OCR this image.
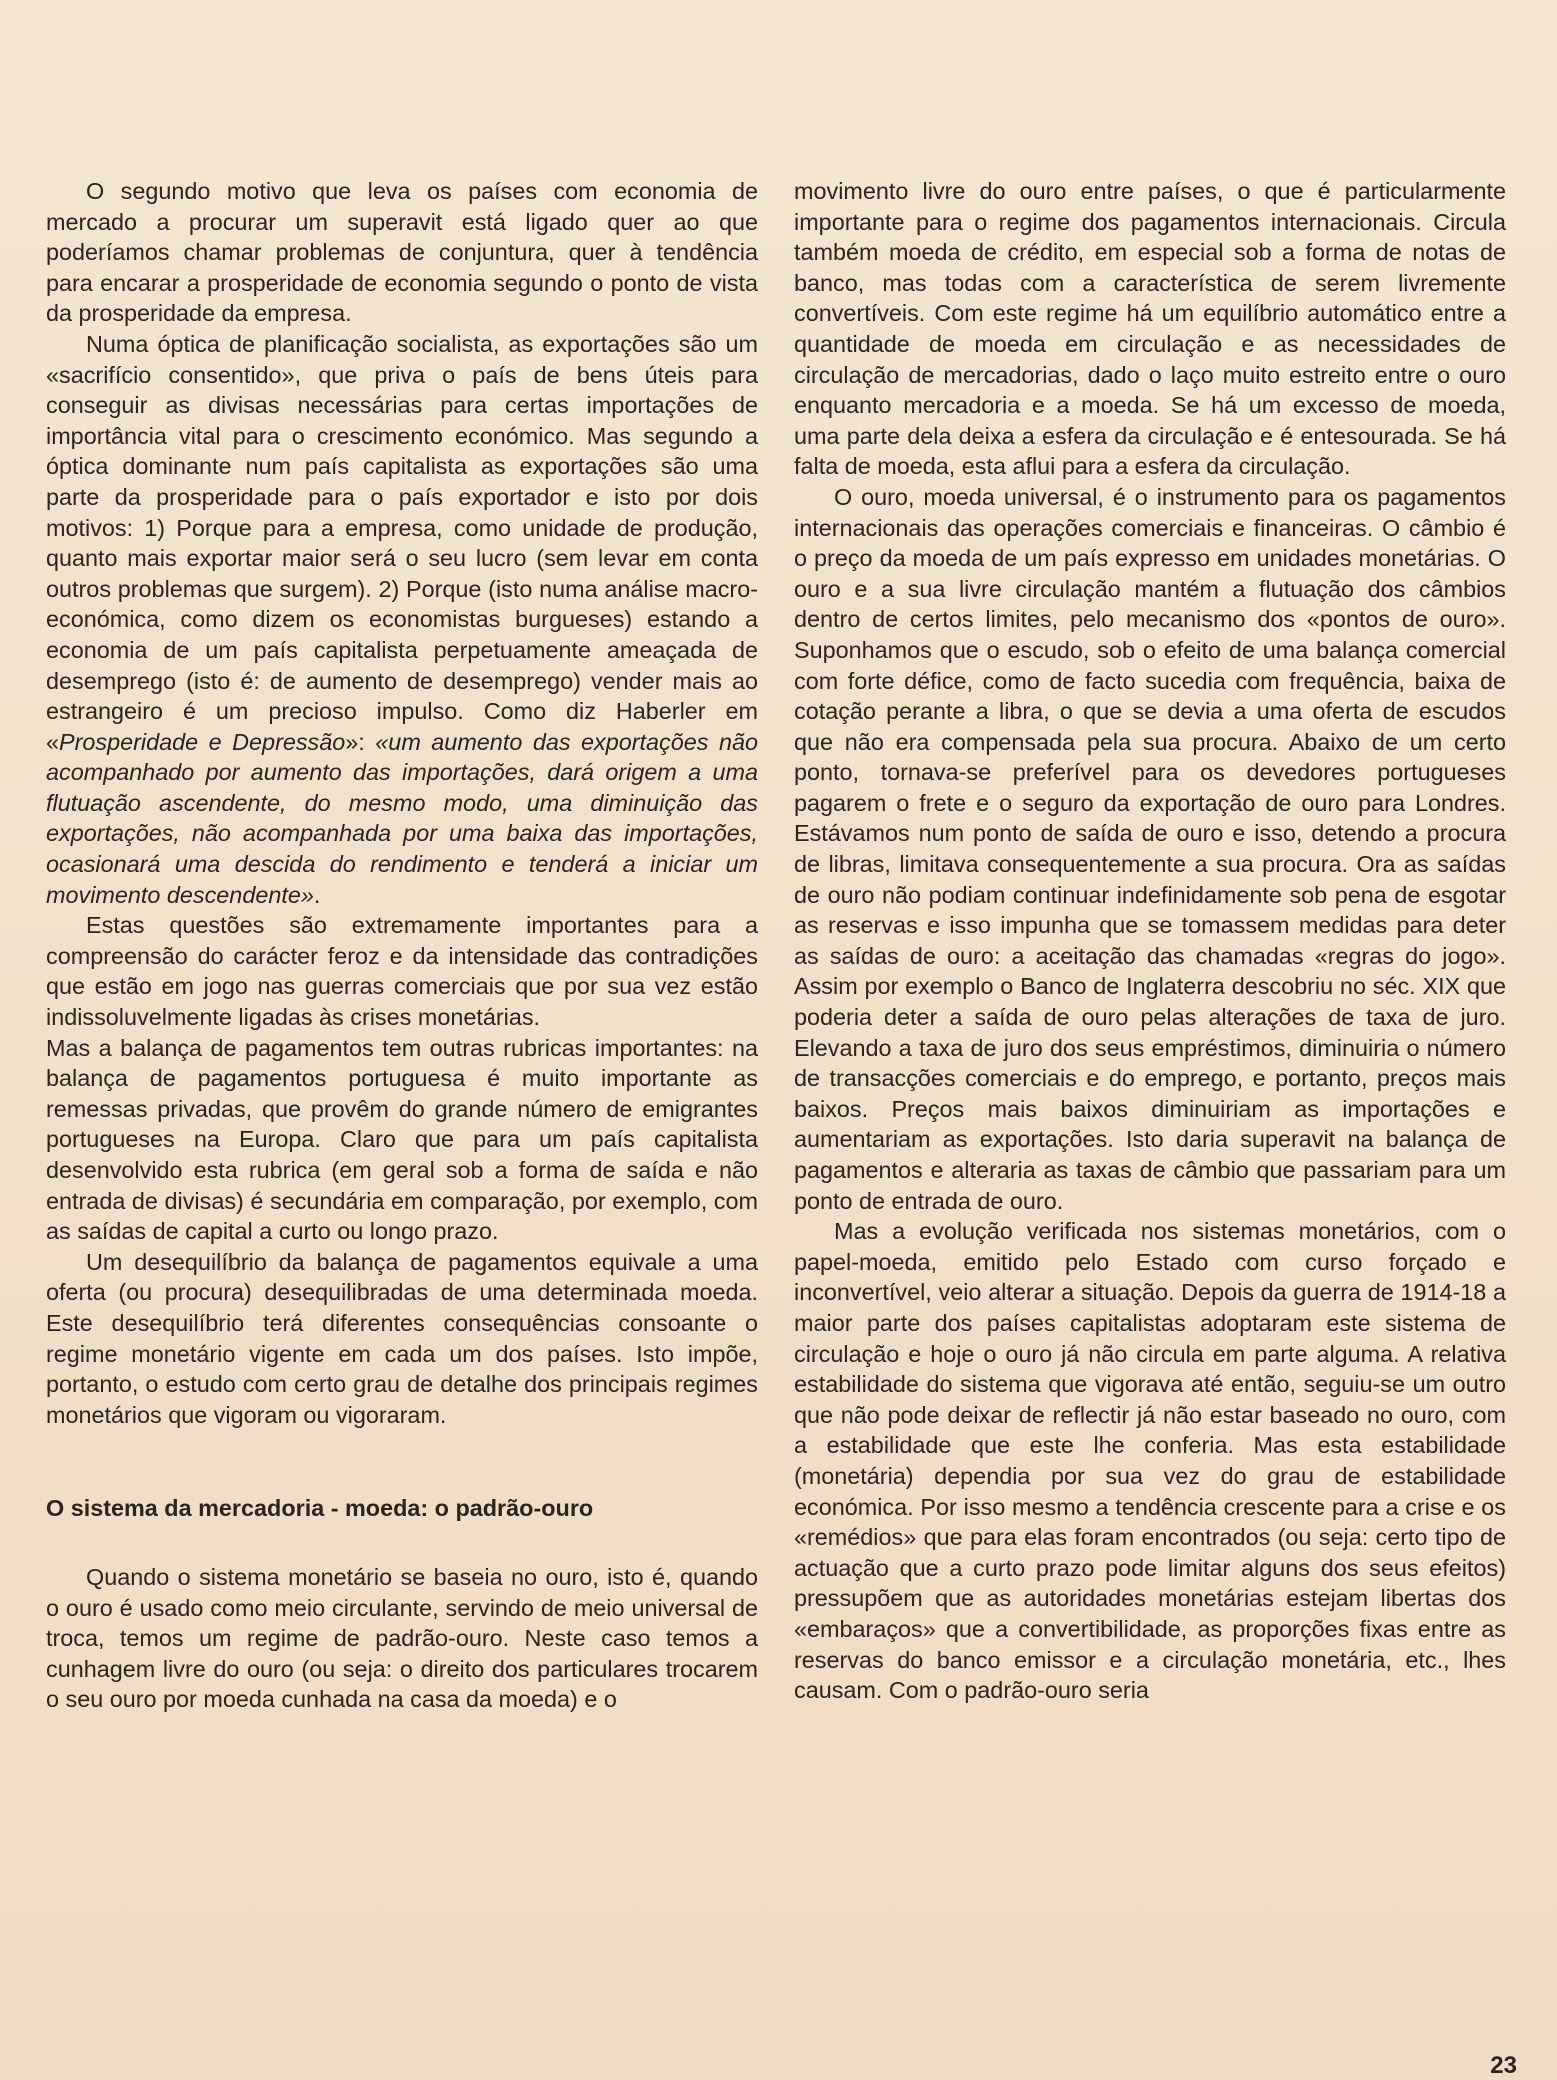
O segundo motivo que leva os países com economia de mercado a procurar um superavit está ligado quer ao que poderíamos chamar problemas de conjuntura, quer à tendência para encarar a prosperidade de economia segundo o ponto de vista da prosperidade da empresa.

Numa óptica de planificação socialista, as exportações são um «sacrifício consentido», que priva o país de bens úteis para conseguir as divisas necessárias para certas importações de importância vital para o crescimento económico. Mas segundo a óptica dominante num país capitalista as exportações são uma parte da prosperidade para o país exportador e isto por dois motivos: 1) Porque para a empresa, como unidade de produção, quanto mais exportar maior será o seu lucro (sem levar em conta outros problemas que surgem). 2) Porque (isto numa análise macro-económica, como dizem os economistas burgueses) estando a economia de um país capitalista perpetuamente ameaçada de desemprego (isto é: de aumento de desemprego) vender mais ao estrangeiro é um precioso impulso. Como diz Haberler em «Prosperidade e Depressão»: «um aumento das exportações não acompanhado por aumento das importações, dará origem a uma flutuação ascendente, do mesmo modo, uma diminuição das exportações, não acompanhada por uma baixa das importações, ocasionará uma descida do rendimento e tenderá a iniciar um movimento descendente».

Estas questões são extremamente importantes para a compreensão do carácter feroz e da intensidade das contradições que estão em jogo nas guerras comerciais que por sua vez estão indissoluvelmente ligadas às crises monetárias.

Mas a balança de pagamentos tem outras rubricas importantes: na balança de pagamentos portuguesa é muito importante as remessas privadas, que provêm do grande número de emigrantes portugueses na Europa. Claro que para um país capitalista desenvolvido esta rubrica (em geral sob a forma de saída e não entrada de divisas) é secundária em comparação, por exemplo, com as saídas de capital a curto ou longo prazo.

Um desequilíbrio da balança de pagamentos equivale a uma oferta (ou procura) desequilibradas de uma determinada moeda. Este desequilíbrio terá diferentes consequências consoante o regime monetário vigente em cada um dos países. Isto impõe, portanto, o estudo com certo grau de detalhe dos principais regimes monetários que vigoram ou vigoraram.

O sistema da mercadoria - moeda: o padrão-ouro

Quando o sistema monetário se baseia no ouro, isto é, quando o ouro é usado como meio circulante, servindo de meio universal de troca, temos um regime de padrão-ouro. Neste caso temos a cunhagem livre do ouro (ou seja: o direito dos particulares trocarem o seu ouro por moeda cunhada na casa da moeda) e o

movimento livre do ouro entre países, o que é particularmente importante para o regime dos pagamentos internacionais. Circula também moeda de crédito, em especial sob a forma de notas de banco, mas todas com a característica de serem livremente convertíveis. Com este regime há um equilíbrio automático entre a quantidade de moeda em circulação e as necessidades de circulação de mercadorias, dado o laço muito estreito entre o ouro enquanto mercadoria e a moeda. Se há um excesso de moeda, uma parte dela deixa a esfera da circulação e é entesourada. Se há falta de moeda, esta aflui para a esfera da circulação.

O ouro, moeda universal, é o instrumento para os pagamentos internacionais das operações comerciais e financeiras. O câmbio é o preço da moeda de um país expresso em unidades monetárias. O ouro e a sua livre circulação mantém a flutuação dos câmbios dentro de certos limites, pelo mecanismo dos «pontos de ouro». Suponhamos que o escudo, sob o efeito de uma balança comercial com forte défice, como de facto sucedia com frequência, baixa de cotação perante a libra, o que se devia a uma oferta de escudos que não era compensada pela sua procura. Abaixo de um certo ponto, tornava-se preferível para os devedores portugueses pagarem o frete e o seguro da exportação de ouro para Londres. Estávamos num ponto de saída de ouro e isso, detendo a procura de libras, limitava consequentemente a sua procura. Ora as saídas de ouro não podiam continuar indefinidamente sob pena de esgotar as reservas e isso impunha que se tomassem medidas para deter as saídas de ouro: a aceitação das chamadas «regras do jogo». Assim por exemplo o Banco de Inglaterra descobriu no séc. XIX que poderia deter a saída de ouro pelas alterações de taxa de juro. Elevando a taxa de juro dos seus empréstimos, diminuiria o número de transacções comerciais e do emprego, e portanto, preços mais baixos. Preços mais baixos diminuiriam as importações e aumentariam as exportações. Isto daria superavit na balança de pagamentos e alteraria as taxas de câmbio que passariam para um ponto de entrada de ouro.

Mas a evolução verificada nos sistemas monetários, com o papel-moeda, emitido pelo Estado com curso forçado e inconvertível, veio alterar a situação. Depois da guerra de 1914-18 a maior parte dos países capitalistas adoptaram este sistema de circulação e hoje o ouro já não circula em parte alguma. A relativa estabilidade do sistema que vigorava até então, seguiu-se um outro que não pode deixar de reflectir já não estar baseado no ouro, com a estabilidade que este lhe conferia. Mas esta estabilidade (monetária) dependia por sua vez do grau de estabilidade económica. Por isso mesmo a tendência crescente para a crise e os «remédios» que para elas foram encontrados (ou seja: certo tipo de actuação que a curto prazo pode limitar alguns dos seus efeitos) pressupõem que as autoridades monetárias estejam libertas dos «embaraços» que a convertibilidade, as proporções fixas entre as reservas do banco emissor e a circulação monetária, etc., lhes causam. Com o padrão-ouro seria

23
